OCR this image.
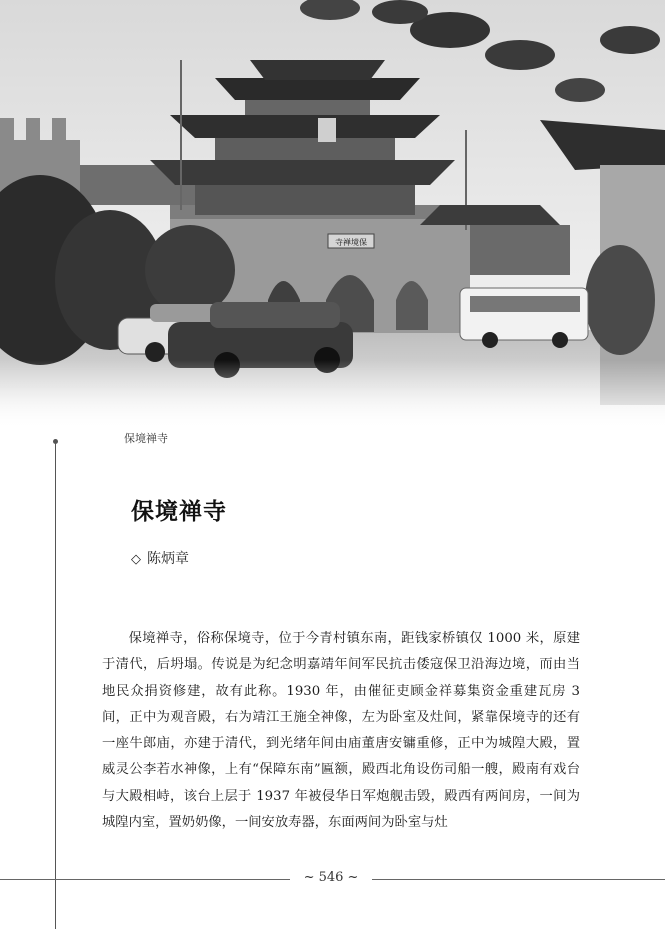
寺禅境保
保境禅寺
保境禅寺
◇ 陈炳章

保境禅寺，俗称保境寺，位于今青村镇东南，距钱家桥镇仅 1000 米，原建于清代，后坍塌。传说是为纪念明嘉靖年间军民抗击倭寇保卫沿海边境，而由当地民众捐资修建，故有此称。1930 年，由催征吏顾金祥募集资金重建瓦房 3 间，正中为观音殿，右为靖江王施全神像，左为卧室及灶间，紧靠保境寺的还有一座牛郎庙，亦建于清代，到光绪年间由庙董唐安镛重修，正中为城隍大殿，置威灵公李若水神像，上有“保障东南”匾额，殿西北角设伤司船一艘，殿南有戏台与大殿相峙，该台上层于 1937 年被侵华日军炮舰击毁，殿西有两间房，一间为城隍内室，置奶奶像，一间安放寿器，东面两间为卧室与灶

~ 546 ~
